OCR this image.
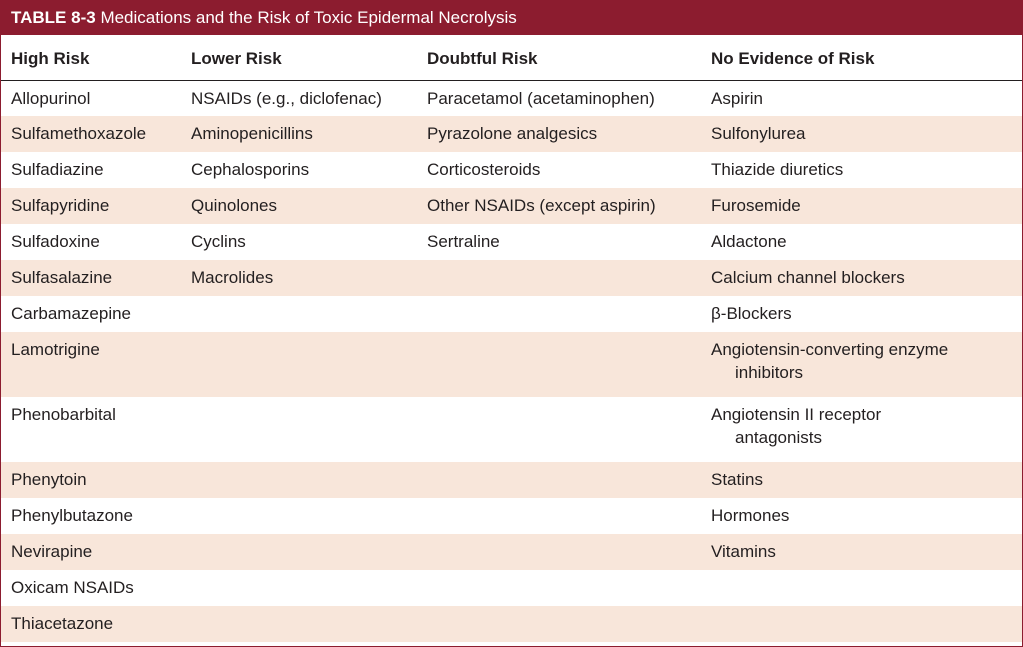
TABLE 8-3 Medications and the Risk of Toxic Epidermal Necrolysis
High Risk	Lower Risk	Doubtful Risk	No Evidence of Risk
Allopurinol	NSAIDs (e.g., diclofenac)	Paracetamol (acetaminophen)	Aspirin
Sulfamethoxazole	Aminopenicillins	Pyrazolone analgesics	Sulfonylurea
Sulfadiazine	Cephalosporins	Corticosteroids	Thiazide diuretics
Sulfapyridine	Quinolones	Other NSAIDs (except aspirin)	Furosemide
Sulfadoxine	Cyclins	Sertraline	Aldactone
Sulfasalazine	Macrolides		Calcium channel blockers
Carbamazepine			β-Blockers
Lamotrigine			Angiotensin-converting enzyme
inhibitors

Phenobarbital			Angiotensin II receptor
antagonists

Phenytoin			Statins
Phenylbutazone			Hormones
Nevirapine			Vitamins
Oxicam NSAIDs			
Thiacetazone			
